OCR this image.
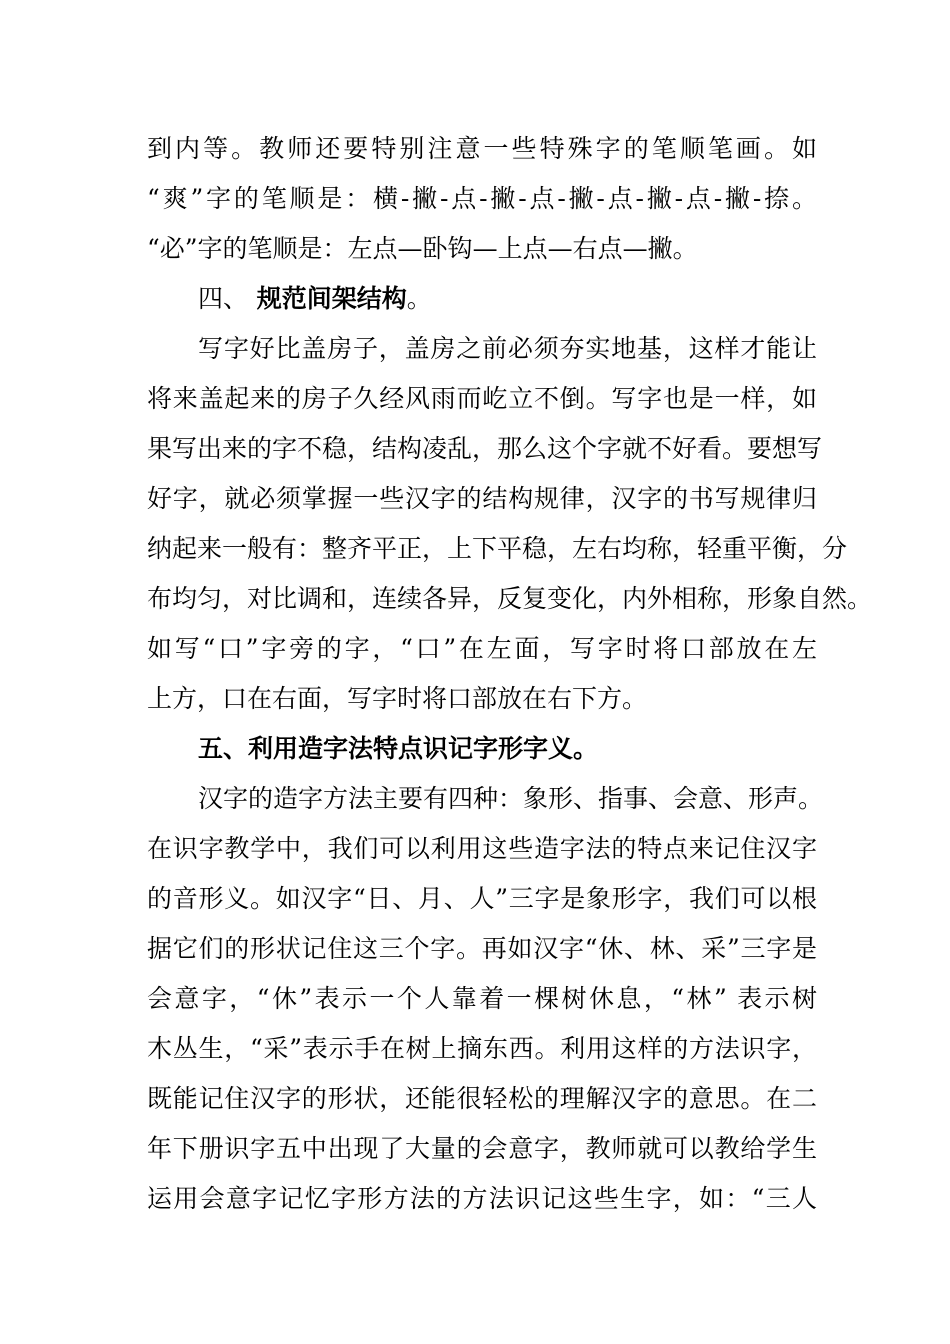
到内等。教师还要特别注意一些特殊字的笔顺笔画。如
“爽”字的笔顺是：横-撇-点-撇-点-撇-点-撇-点-撇-捺。
“必”字的笔顺是：左点—卧钩—上点—右点—撇。
四、 规范间架结构。
写字好比盖房子，盖房之前必须夯实地基，这样才能让
将来盖起来的房子久经风雨而屹立不倒。写字也是一样，如
果写出来的字不稳，结构凌乱，那么这个字就不好看。要想写
好字，就必须掌握一些汉字的结构规律，汉字的书写规律归
纳起来一般有：整齐平正，上下平稳，左右均称，轻重平衡，分
布均匀，对比调和，连续各异，反复变化，内外相称，形象自然。
如写“口”字旁的字，“口”在左面，写字时将口部放在左
上方，口在右面，写字时将口部放在右下方。
五、利用造字法特点识记字形字义。
汉字的造字方法主要有四种：象形、指事、会意、形声。
在识字教学中，我们可以利用这些造字法的特点来记住汉字
的音形义。如汉字“日、月、人”三字是象形字，我们可以根
据它们的形状记住这三个字。再如汉字“休、林、采”三字是
会意字，“休”表示一个人靠着一棵树休息，“林” 表示树
木丛生，“采”表示手在树上摘东西。利用这样的方法识字，
既能记住汉字的形状，还能很轻松的理解汉字的意思。在二
年下册识字五中出现了大量的会意字，教师就可以教给学生
运用会意字记忆字形方法的方法识记这些生字，如：“三人
